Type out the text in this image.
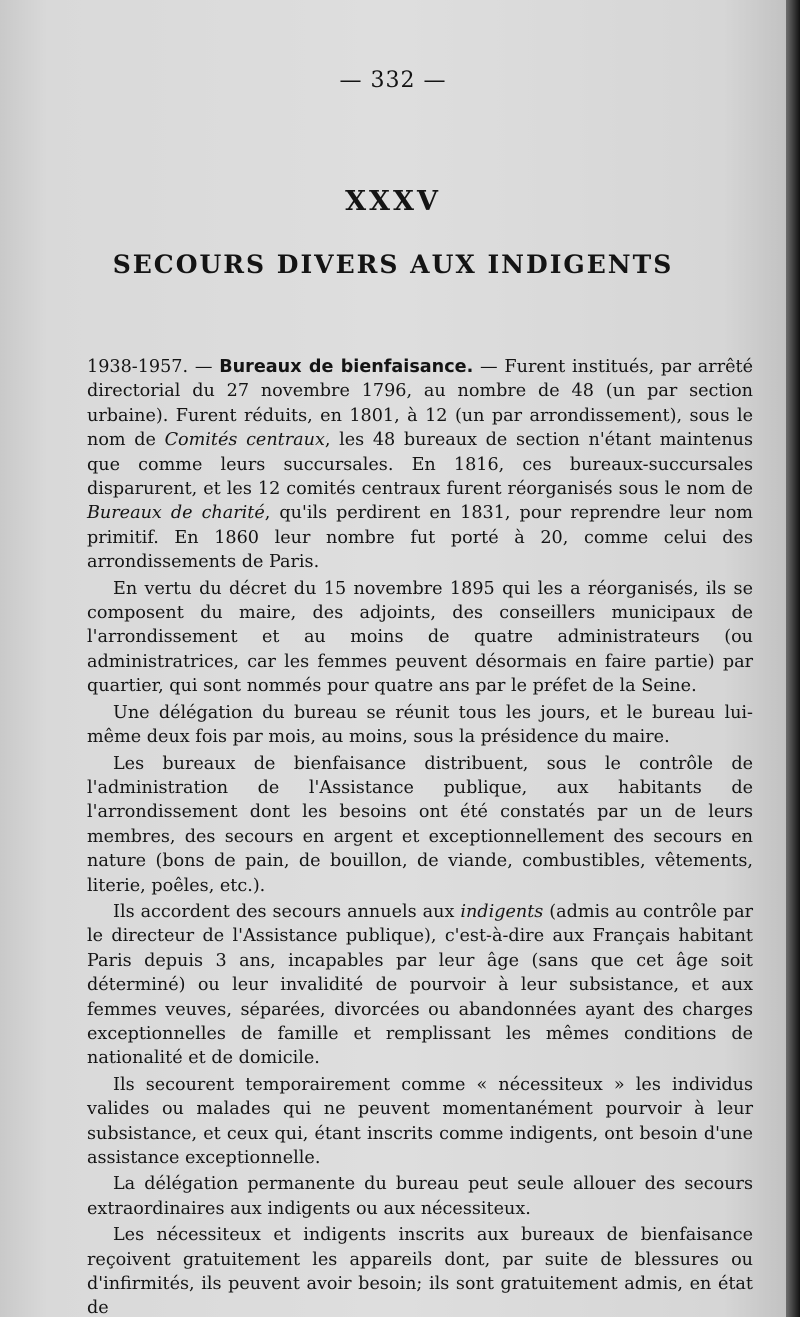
— 332 —
XXXV
SECOURS DIVERS AUX INDIGENTS

1938-1957. — Bureaux de bienfaisance. — Furent institués, par arrêté directorial du 27 novembre 1796, au nombre de 48 (un par section urbaine). Furent réduits, en 1801, à 12 (un par arrondissement), sous le nom de Comités centraux, les 48 bureaux de section n'étant maintenus que comme leurs succursales. En 1816, ces bureaux-succursales disparurent, et les 12 comités centraux furent réorganisés sous le nom de Bureaux de charité, qu'ils perdirent en 1831, pour reprendre leur nom primitif. En 1860 leur nombre fut porté à 20, comme celui des arrondissements de Paris.

En vertu du décret du 15 novembre 1895 qui les a réorganisés, ils se composent du maire, des adjoints, des conseillers municipaux de l'arrondissement et au moins de quatre administrateurs (ou administratrices, car les femmes peuvent désormais en faire partie) par quartier, qui sont nommés pour quatre ans par le préfet de la Seine.

Une délégation du bureau se réunit tous les jours, et le bureau lui-même deux fois par mois, au moins, sous la présidence du maire.

Les bureaux de bienfaisance distribuent, sous le contrôle de l'administration de l'Assistance publique, aux habitants de l'arrondissement dont les besoins ont été constatés par un de leurs membres, des secours en argent et exceptionnellement des secours en nature (bons de pain, de bouillon, de viande, combustibles, vêtements, literie, poêles, etc.).

Ils accordent des secours annuels aux indigents (admis au contrôle par le directeur de l'Assistance publique), c'est-à-dire aux Français habitant Paris depuis 3 ans, incapables par leur âge (sans que cet âge soit déterminé) ou leur invalidité de pourvoir à leur subsistance, et aux femmes veuves, séparées, divorcées ou abandonnées ayant des charges exceptionnelles de famille et remplissant les mêmes conditions de nationalité et de domicile.

Ils secourent temporairement comme « nécessiteux » les individus valides ou malades qui ne peuvent momentanément pourvoir à leur subsistance, et ceux qui, étant inscrits comme indigents, ont besoin d'une assistance exceptionnelle.

La délégation permanente du bureau peut seule allouer des secours extraordinaires aux indigents ou aux nécessiteux.

Les nécessiteux et indigents inscrits aux bureaux de bienfaisance reçoivent gratuitement les appareils dont, par suite de blessures ou d'infirmités, ils peuvent avoir besoin; ils sont gratuitement admis, en état de
